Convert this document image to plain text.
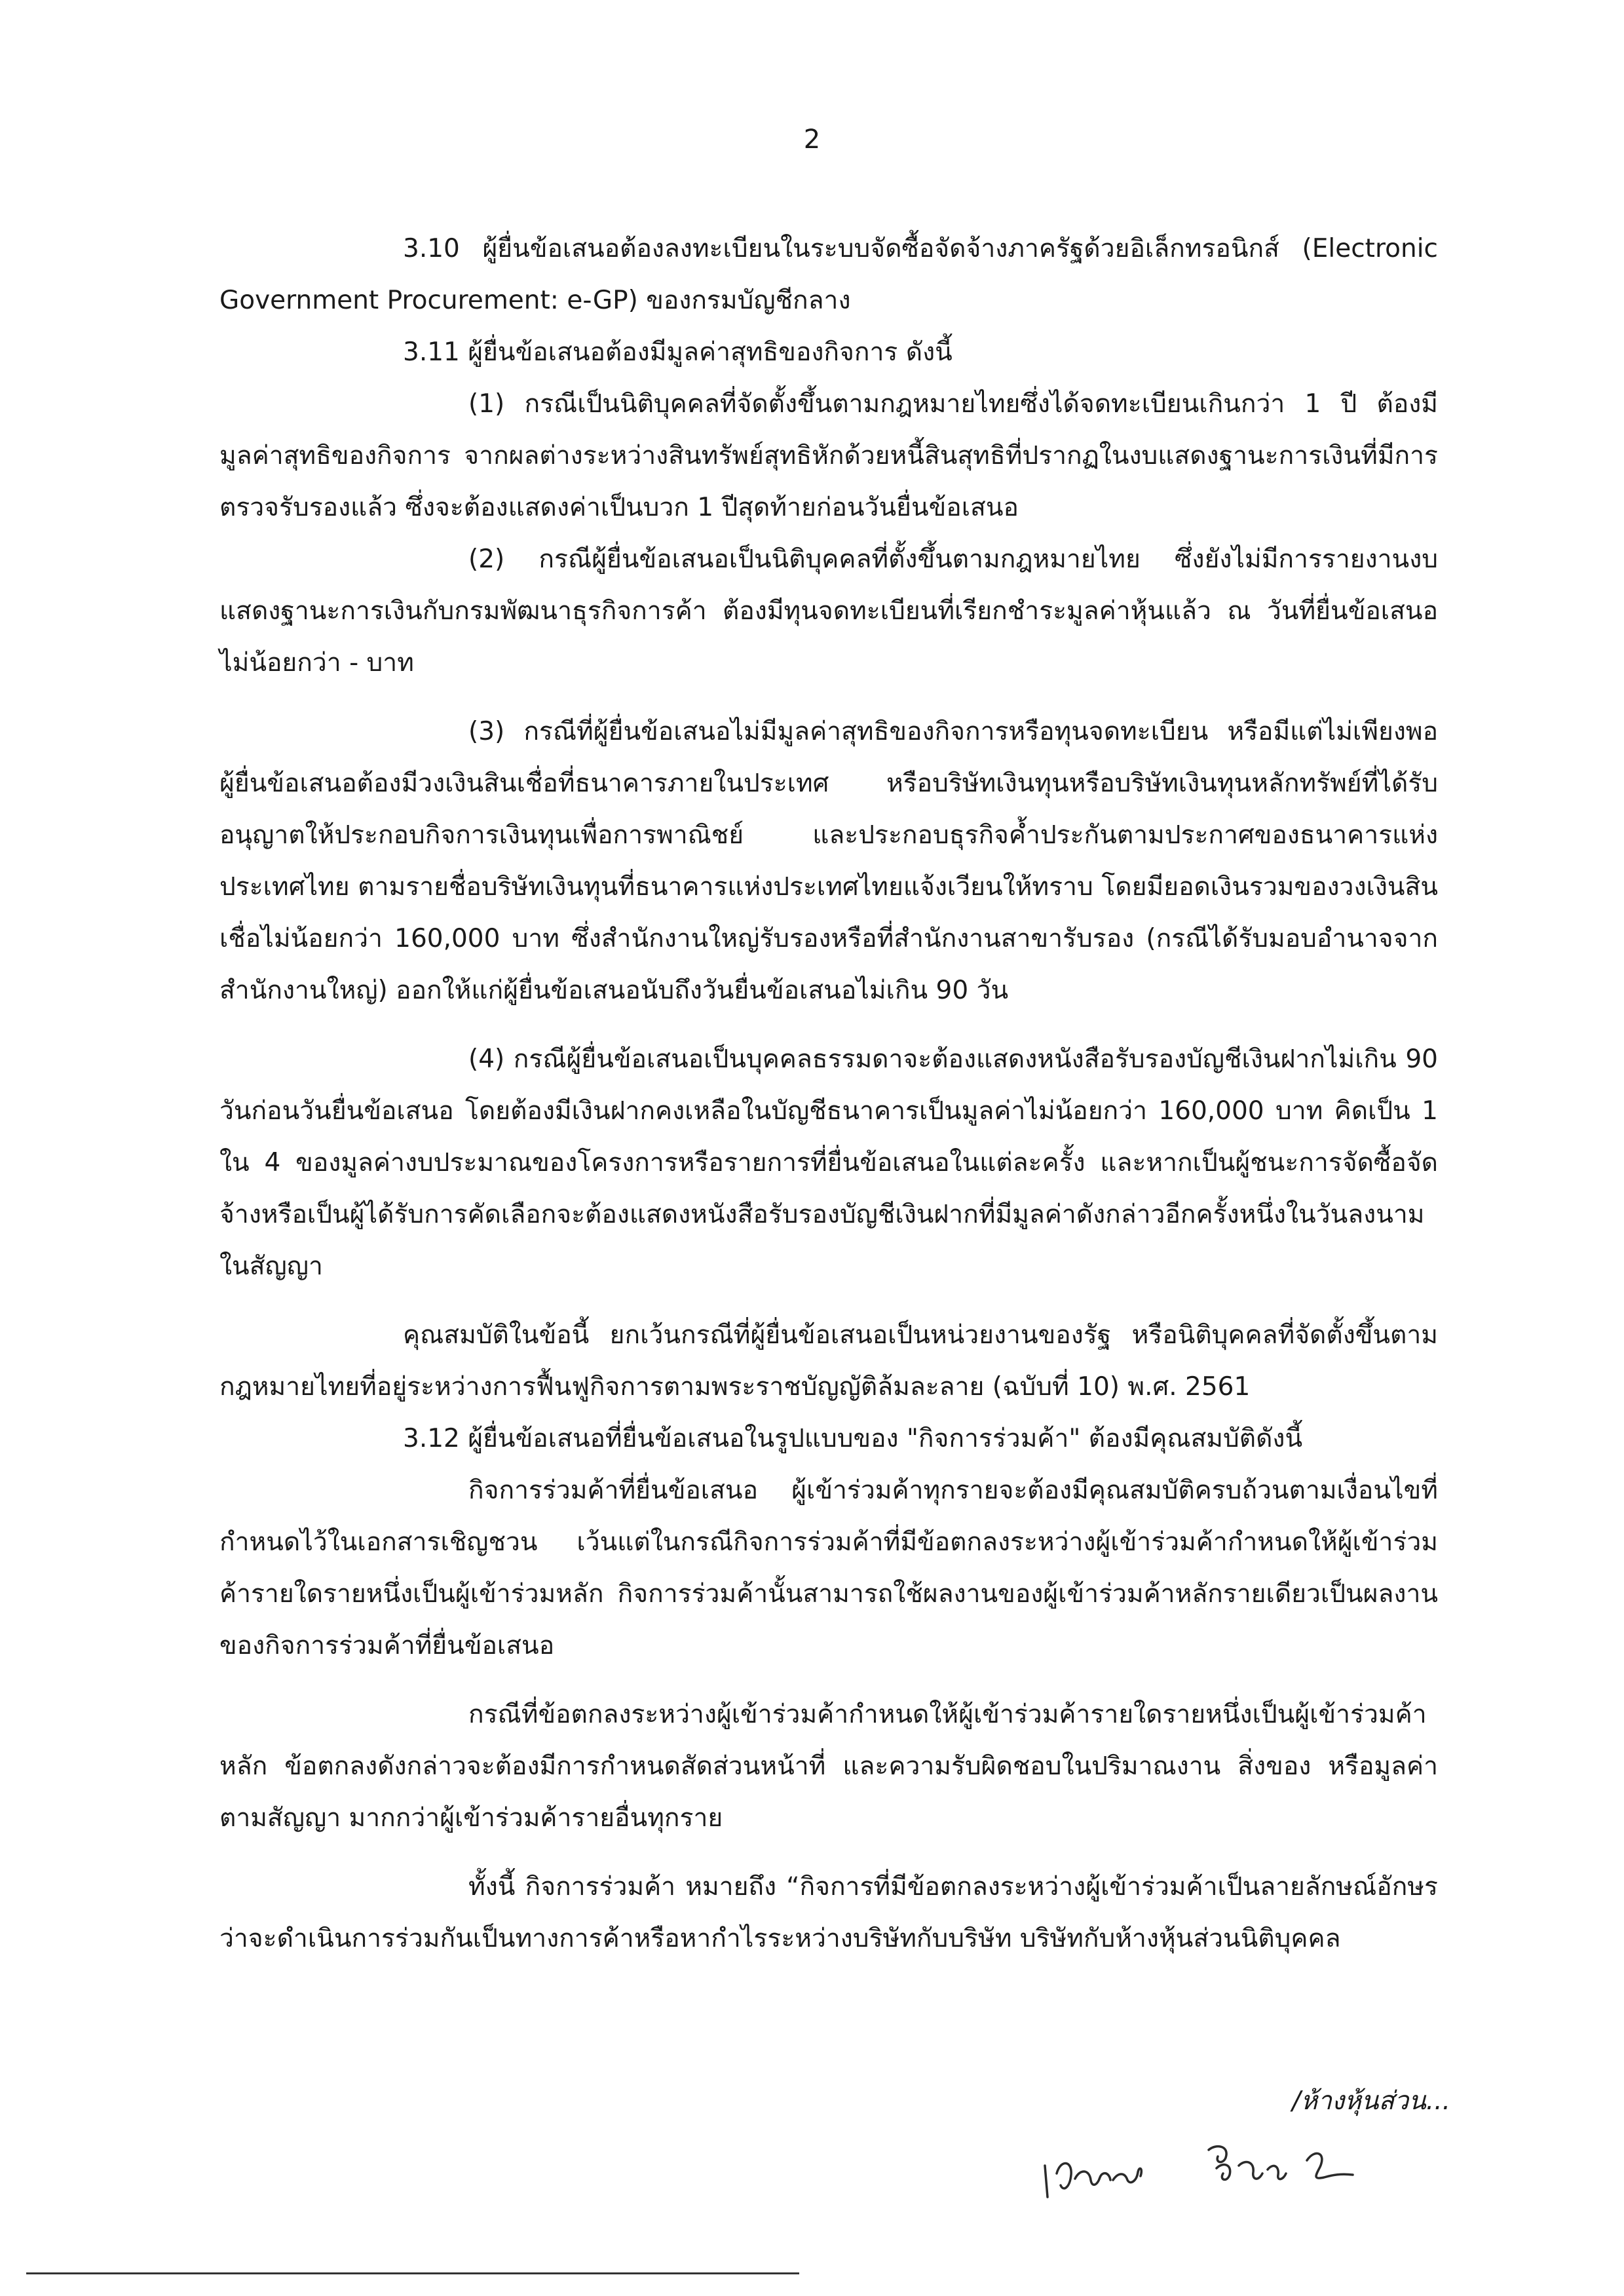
2

3.10 ผู้ยื่นข้อเสนอต้องลงทะเบียนในระบบจัดซื้อจัดจ้างภาครัฐด้วยอิเล็กทรอนิกส์ (Electronic Government Procurement: e-GP) ของกรมบัญชีกลาง

3.11 ผู้ยื่นข้อเสนอต้องมีมูลค่าสุทธิของกิจการ ดังนี้

(1) กรณีเป็นนิติบุคคลที่จัดตั้งขึ้นตามกฎหมายไทยซึ่งได้จดทะเบียนเกินกว่า 1 ปี ต้องมีมูลค่าสุทธิของกิจการ จากผลต่างระหว่างสินทรัพย์สุทธิหักด้วยหนี้สินสุทธิที่ปรากฏในงบแสดงฐานะการเงินที่มีการตรวจรับรองแล้ว ซึ่งจะต้องแสดงค่าเป็นบวก 1 ปีสุดท้ายก่อนวันยื่นข้อเสนอ

(2) กรณีผู้ยื่นข้อเสนอเป็นนิติบุคคลที่ตั้งขึ้นตามกฎหมายไทย ซึ่งยังไม่มีการรายงานงบแสดงฐานะการเงินกับกรมพัฒนาธุรกิจการค้า ต้องมีทุนจดทะเบียนที่เรียกชำระมูลค่าหุ้นแล้ว ณ วันที่ยื่นข้อเสนอไม่น้อยกว่า - บาท

(3) กรณีที่ผู้ยื่นข้อเสนอไม่มีมูลค่าสุทธิของกิจการหรือทุนจดทะเบียน หรือมีแต่ไม่เพียงพอ ผู้ยื่นข้อเสนอต้องมีวงเงินสินเชื่อที่ธนาคารภายในประเทศ หรือบริษัทเงินทุนหรือบริษัทเงินทุนหลักทรัพย์ที่ได้รับอนุญาตให้ประกอบกิจการเงินทุนเพื่อการพาณิชย์ และประกอบธุรกิจค้ำประกันตามประกาศของธนาคารแห่งประเทศไทย ตามรายชื่อบริษัทเงินทุนที่ธนาคารแห่งประเทศไทยแจ้งเวียนให้ทราบ โดยมียอดเงินรวมของวงเงินสินเชื่อไม่น้อยกว่า 160,000 บาท ซึ่งสำนักงานใหญ่รับรองหรือที่สำนักงานสาขารับรอง (กรณีได้รับมอบอำนาจจากสำนักงานใหญ่) ออกให้แก่ผู้ยื่นข้อเสนอนับถึงวันยื่นข้อเสนอไม่เกิน 90 วัน

(4) กรณีผู้ยื่นข้อเสนอเป็นบุคคลธรรมดาจะต้องแสดงหนังสือรับรองบัญชีเงินฝากไม่เกิน 90 วันก่อนวันยื่นข้อเสนอ โดยต้องมีเงินฝากคงเหลือในบัญชีธนาคารเป็นมูลค่าไม่น้อยกว่า 160,000 บาท คิดเป็น 1 ใน 4 ของมูลค่างบประมาณของโครงการหรือรายการที่ยื่นข้อเสนอในแต่ละครั้ง และหากเป็นผู้ชนะการจัดซื้อจัดจ้างหรือเป็นผู้ได้รับการคัดเลือกจะต้องแสดงหนังสือรับรองบัญชีเงินฝากที่มีมูลค่าดังกล่าวอีกครั้งหนึ่งในวันลงนามในสัญญา

คุณสมบัติในข้อนี้ ยกเว้นกรณีที่ผู้ยื่นข้อเสนอเป็นหน่วยงานของรัฐ หรือนิติบุคคลที่จัดตั้งขึ้นตามกฎหมายไทยที่อยู่ระหว่างการฟื้นฟูกิจการตามพระราชบัญญัติล้มละลาย (ฉบับที่ 10) พ.ศ. 2561

3.12 ผู้ยื่นข้อเสนอที่ยื่นข้อเสนอในรูปแบบของ "กิจการร่วมค้า" ต้องมีคุณสมบัติดังนี้

กิจการร่วมค้าที่ยื่นข้อเสนอ ผู้เข้าร่วมค้าทุกรายจะต้องมีคุณสมบัติครบถ้วนตามเงื่อนไขที่กำหนดไว้ในเอกสารเชิญชวน เว้นแต่ในกรณีกิจการร่วมค้าที่มีข้อตกลงระหว่างผู้เข้าร่วมค้ากำหนดให้ผู้เข้าร่วมค้ารายใดรายหนึ่งเป็นผู้เข้าร่วมหลัก กิจการร่วมค้านั้นสามารถใช้ผลงานของผู้เข้าร่วมค้าหลักรายเดียวเป็นผลงานของกิจการร่วมค้าที่ยื่นข้อเสนอ

กรณีที่ข้อตกลงระหว่างผู้เข้าร่วมค้ากำหนดให้ผู้เข้าร่วมค้ารายใดรายหนึ่งเป็นผู้เข้าร่วมค้าหลัก ข้อตกลงดังกล่าวจะต้องมีการกำหนดสัดส่วนหน้าที่ และความรับผิดชอบในปริมาณงาน สิ่งของ หรือมูลค่าตามสัญญา มากกว่าผู้เข้าร่วมค้ารายอื่นทุกราย

ทั้งนี้ กิจการร่วมค้า หมายถึง “กิจการที่มีข้อตกลงระหว่างผู้เข้าร่วมค้าเป็นลายลักษณ์อักษรว่าจะดำเนินการร่วมกันเป็นทางการค้าหรือหากำไรระหว่างบริษัทกับบริษัท บริษัทกับห้างหุ้นส่วนนิติบุคคล

/ห้างหุ้นส่วน...
